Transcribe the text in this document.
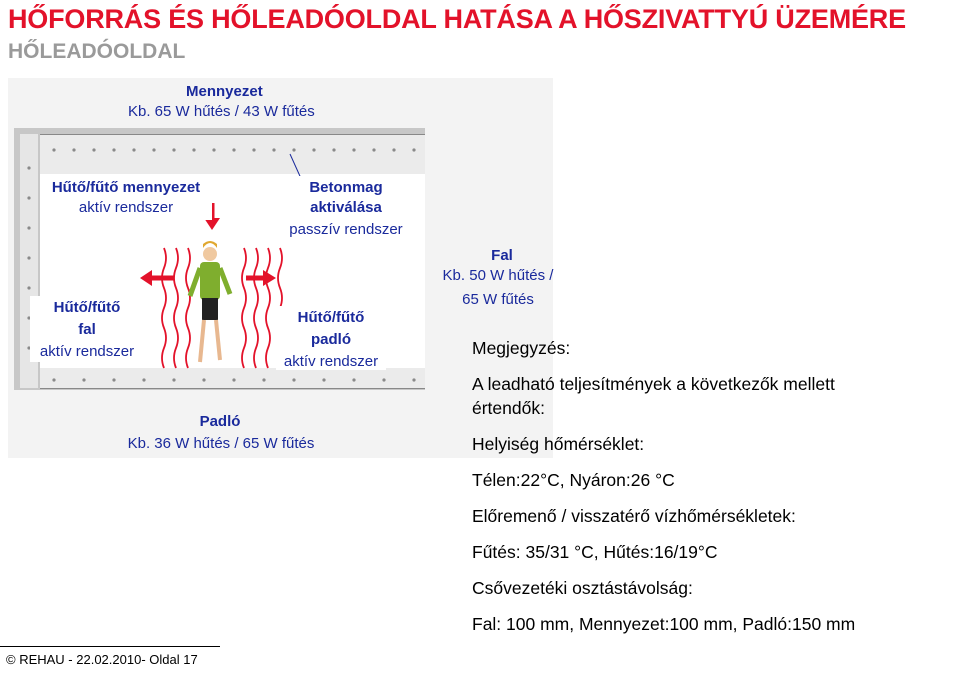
HŐFORRÁS ÉS HŐLEADÓOLDAL HATÁSA A HŐSZIVATTYÚ ÜZEMÉRE
HŐLEADÓOLDAL
Mennyezet
Kb. 65 W hűtés / 43 W fűtés
Hűtő/fűtő mennyezet
aktív rendszer
Betonmag
aktiválása
passzív rendszer
Hűtő/fűtő
fal
aktív rendszer
Hűtő/fűtő
padló
aktív rendszer
Padló
Kb. 36 W hűtés / 65 W fűtés
Fal
Kb. 50 W hűtés /
65 W fűtés
Megjegyzés:
A leadható teljesítmények a következők mellett
értendők:
Helyiség hőmérséklet:
Télen:22°C, Nyáron:26 °C
Előremenő / visszatérő vízhőmérsékletek:
Fűtés: 35/31 °C, Hűtés:16/19°C
Csővezetéki osztástávolság:
Fal: 100 mm, Mennyezet:100 mm, Padló:150 mm
© REHAU - 22.02.2010- Oldal 17
